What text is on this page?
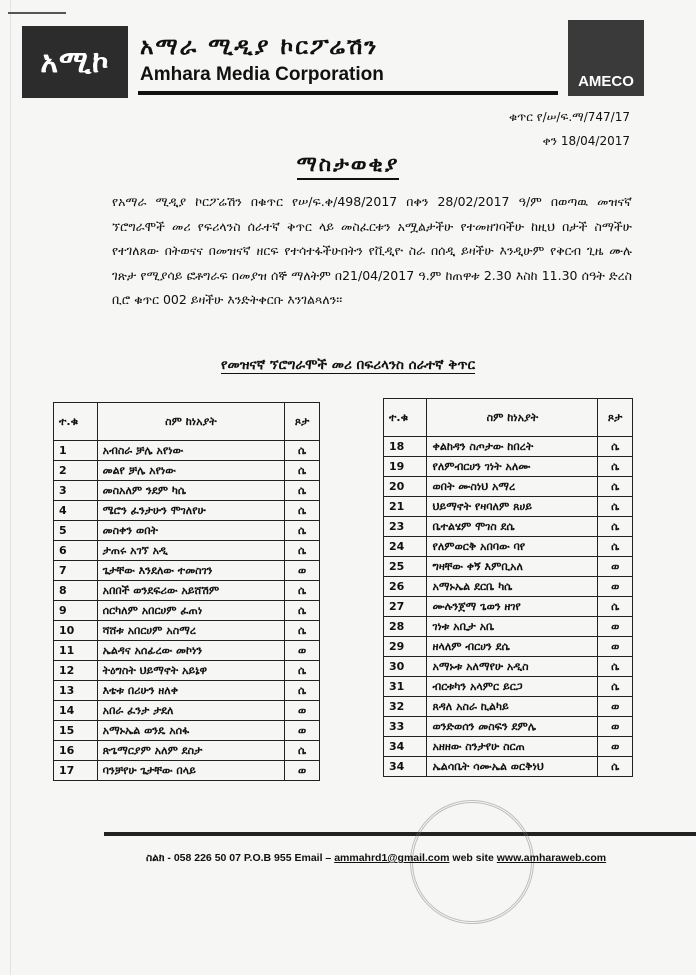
አሚኮ	አማራ ሚዲያ ኮርፖሬሽን
Amhara Media Corporation	AMECO
ቁጥር የ/ሠ/ፍ.ማ/747/17
ቀን 18/04/2017
ማስታወቂያ
የአማራ ሚዲያ ኮርፖሬሽን በቁጥር የሠ/ፍ.ቀ/498/2017 በቀን 28/02/2017 ዓ/ም በወጣዉ መዝናኛ ኘሮግራሞች መሪ የፍሪላንስ ሰራተኛ ቅጥር ላይ መስፈርቱን አሟልታችሁ የተመዘገባችሁ ከዚህ በታች ስማችሁ የተገለጸው በትወናና በመዝናኛ ዘርፍ የተሳተፋችሁበትን የቪዲዮ ስራ በሰዲ ይዛችሁ እንዲሁም የቅርብ ጊዜ ሙሉ ገጽታ የሚያሳይ ፎቶግራፍ በመያዝ ሰኞ ማለትም በ21/04/2017 ዓ.ም ከጠዋቱ 2.30 እስከ 11.30 ሰዓት ድረስ ቢሮ ቁጥር 002 ይዛችሁ እንድትቀርቡ እንገልጻለን፡፡
የመዝናኛ ኘሮግራሞች መሪ በፍሪላንስ ሰራተኛ ቅጥር
ተ.ቁ	ስም ከነአያት	ጾታ
1	አብስራ ቻሌ አየነው	ሴ
2	መልየ ቻሌ አየነው	ሴ
3	መስአለም ንደም ካሴ	ሴ
4	ሜሮን ፈንታሁን ሞገለየሁ	ሴ
5	መስቀን ወበት	ሴ
6	ታጠሩ አገኘ አዲ	ሴ
7	ጌታቸው እንደለው ተመስገን	ወ
8	አበበች ወንደፍሪው አይሸሽም	ሴ
9	ሰርካለም አበርሀም ፈጠነ	ሴ
10	ሻሸቱ አበርሀም አስማረ	ሴ
11	ኤልዳና አሰፊረው መኮነን	ወ
12	ትዕግስት ህይማኖት አይኔዋ	ሴ
13	እቴቱ በሪሁን ዘለቀ	ሴ
14	አበራ ፈንታ ታደለ	ወ
15	አማኑኤል ወንዴ አሰፋ	ወ
16	ጽጌማርያም አለም ደስታ	ሴ
17	ባንቻየሁ ጌታቸው በላይ	ወ
ተ.ቁ	ስም ከነአያት	ጾታ
18	ቀልከዳን ስጦታው ከበረት	ሴ
19	የለምብርሀን ገነት አለሙ	ሴ
20	ወበት ሙስነህ አማረ	ሴ
21	ህይማኖት የዛባለም ጸሀይ	ሴ
23	ቤተልሄም ሞገስ ደሴ	ሴ
24	የለምወርቅ አበባው ባየ	ሴ
25	ግዛቸው ቀኝ እምቢአለ	ወ
26	አማኑኤል ደርቤ ካሴ	ወ
27	ሙሉንጀማ ጌወን ዘገየ	ሴ
28	ገነቱ አቢታ አቤ	ወ
29	ዘላለም ብርሀን ደሴ	ወ
30	አማኑቱ አለማየሁ አዲስ	ሴ
31	ብርቱካን አላምር ይርጋ	ሴ
32	ጸዳለ አስራ ኪልካይ	ወ
33	ወንድወሰን መስፍን ደምሌ	ወ
34	አዘዘው ስንታየሁ ስርጠ	ወ
34	ኤልሳቤት ሳሙኤል ወርቅነህ	ሴ
ስልክ - 058 226 50 07 P.O.B 955 Email – ammahrd1@gmail.com web site www.amharaweb.com
